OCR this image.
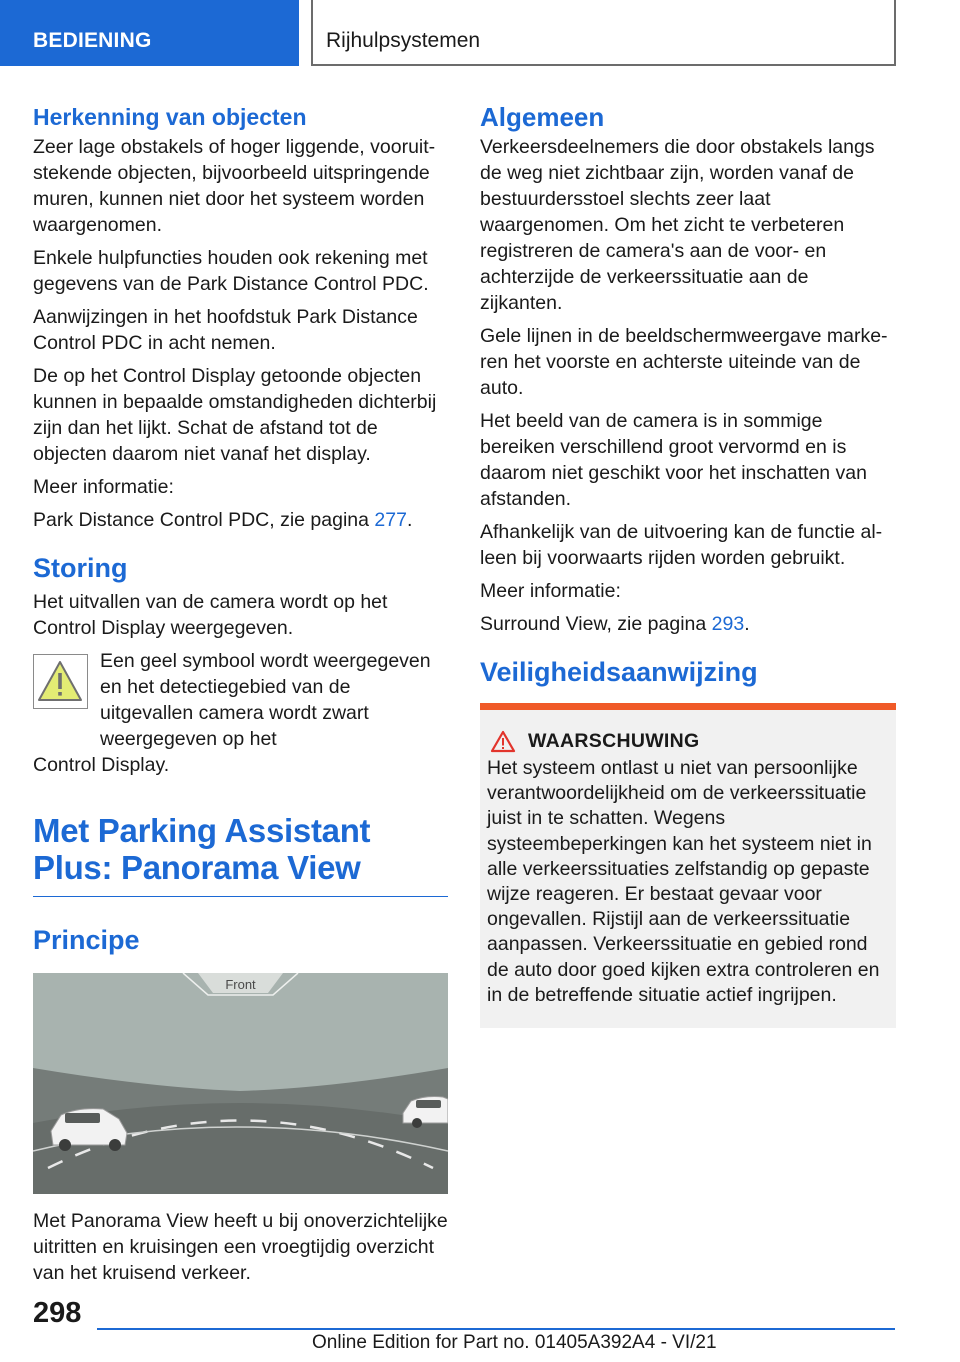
BEDIENING	Rijhulpsystemen
Herkenning van objecten

Zeer lage obstakels of hoger liggende, vooruitstekende objecten, bijvoorbeeld uitspringende muren, kunnen niet door het systeem worden waargenomen.

Enkele hulpfuncties houden ook rekening met gegevens van de Park Distance Control PDC.

Aanwijzingen in het hoofdstuk Park Distance Control PDC in acht nemen.

De op het Control Display getoonde objecten kunnen in bepaalde omstandigheden dichterbij zijn dan het lijkt. Schat de afstand tot de objecten daarom niet vanaf het display.

Meer informatie:

Park Distance Control PDC, zie pagina 277.

Storing

Het uitvallen van de camera wordt op het Control Display weergegeven.

Een geel symbool wordt weergegeven en het detectiegebied van de uitgevallen camera wordt zwart weergegeven op het
Control Display.
Met Parking Assistant Plus: Panorama View
Principe
Front

Met Panorama View heeft u bij onoverzichtelijke uitritten en kruisingen een vroegtijdig overzicht van het kruisend verkeer.

Algemeen

Verkeersdeelnemers die door obstakels langs de weg niet zichtbaar zijn, worden vanaf de bestuurdersstoel slechts zeer laat waargenomen. Om het zicht te verbeteren registreren de camera's aan de voor- en achterzijde de verkeerssituatie aan de zijkanten.

Gele lijnen in de beeldschermweergave markeren het voorste en achterste uiteinde van de auto.

Het beeld van de camera is in sommige bereiken verschillend groot vervormd en is daarom niet geschikt voor het inschatten van afstanden.

Afhankelijk van de uitvoering kan de functie alleen bij voorwaarts rijden worden gebruikt.

Meer informatie:

Surround View, zie pagina 293.

Veiligheidsaanwijzing
WAARSCHUWING

Het systeem ontlast u niet van persoonlijke verantwoordelijkheid om de verkeerssituatie juist in te schatten. Wegens systeembeperkingen kan het systeem niet in alle verkeerssituaties zelfstandig op gepaste wijze reageren. Er bestaat gevaar voor ongevallen. Rijstijl aan de verkeerssituatie aanpassen. Verkeerssituatie en gebied rond de auto door goed kijken extra controleren en in de betreffende situatie actief ingrijpen.

298
Online Edition for Part no. 01405A392A4 - VI/21
